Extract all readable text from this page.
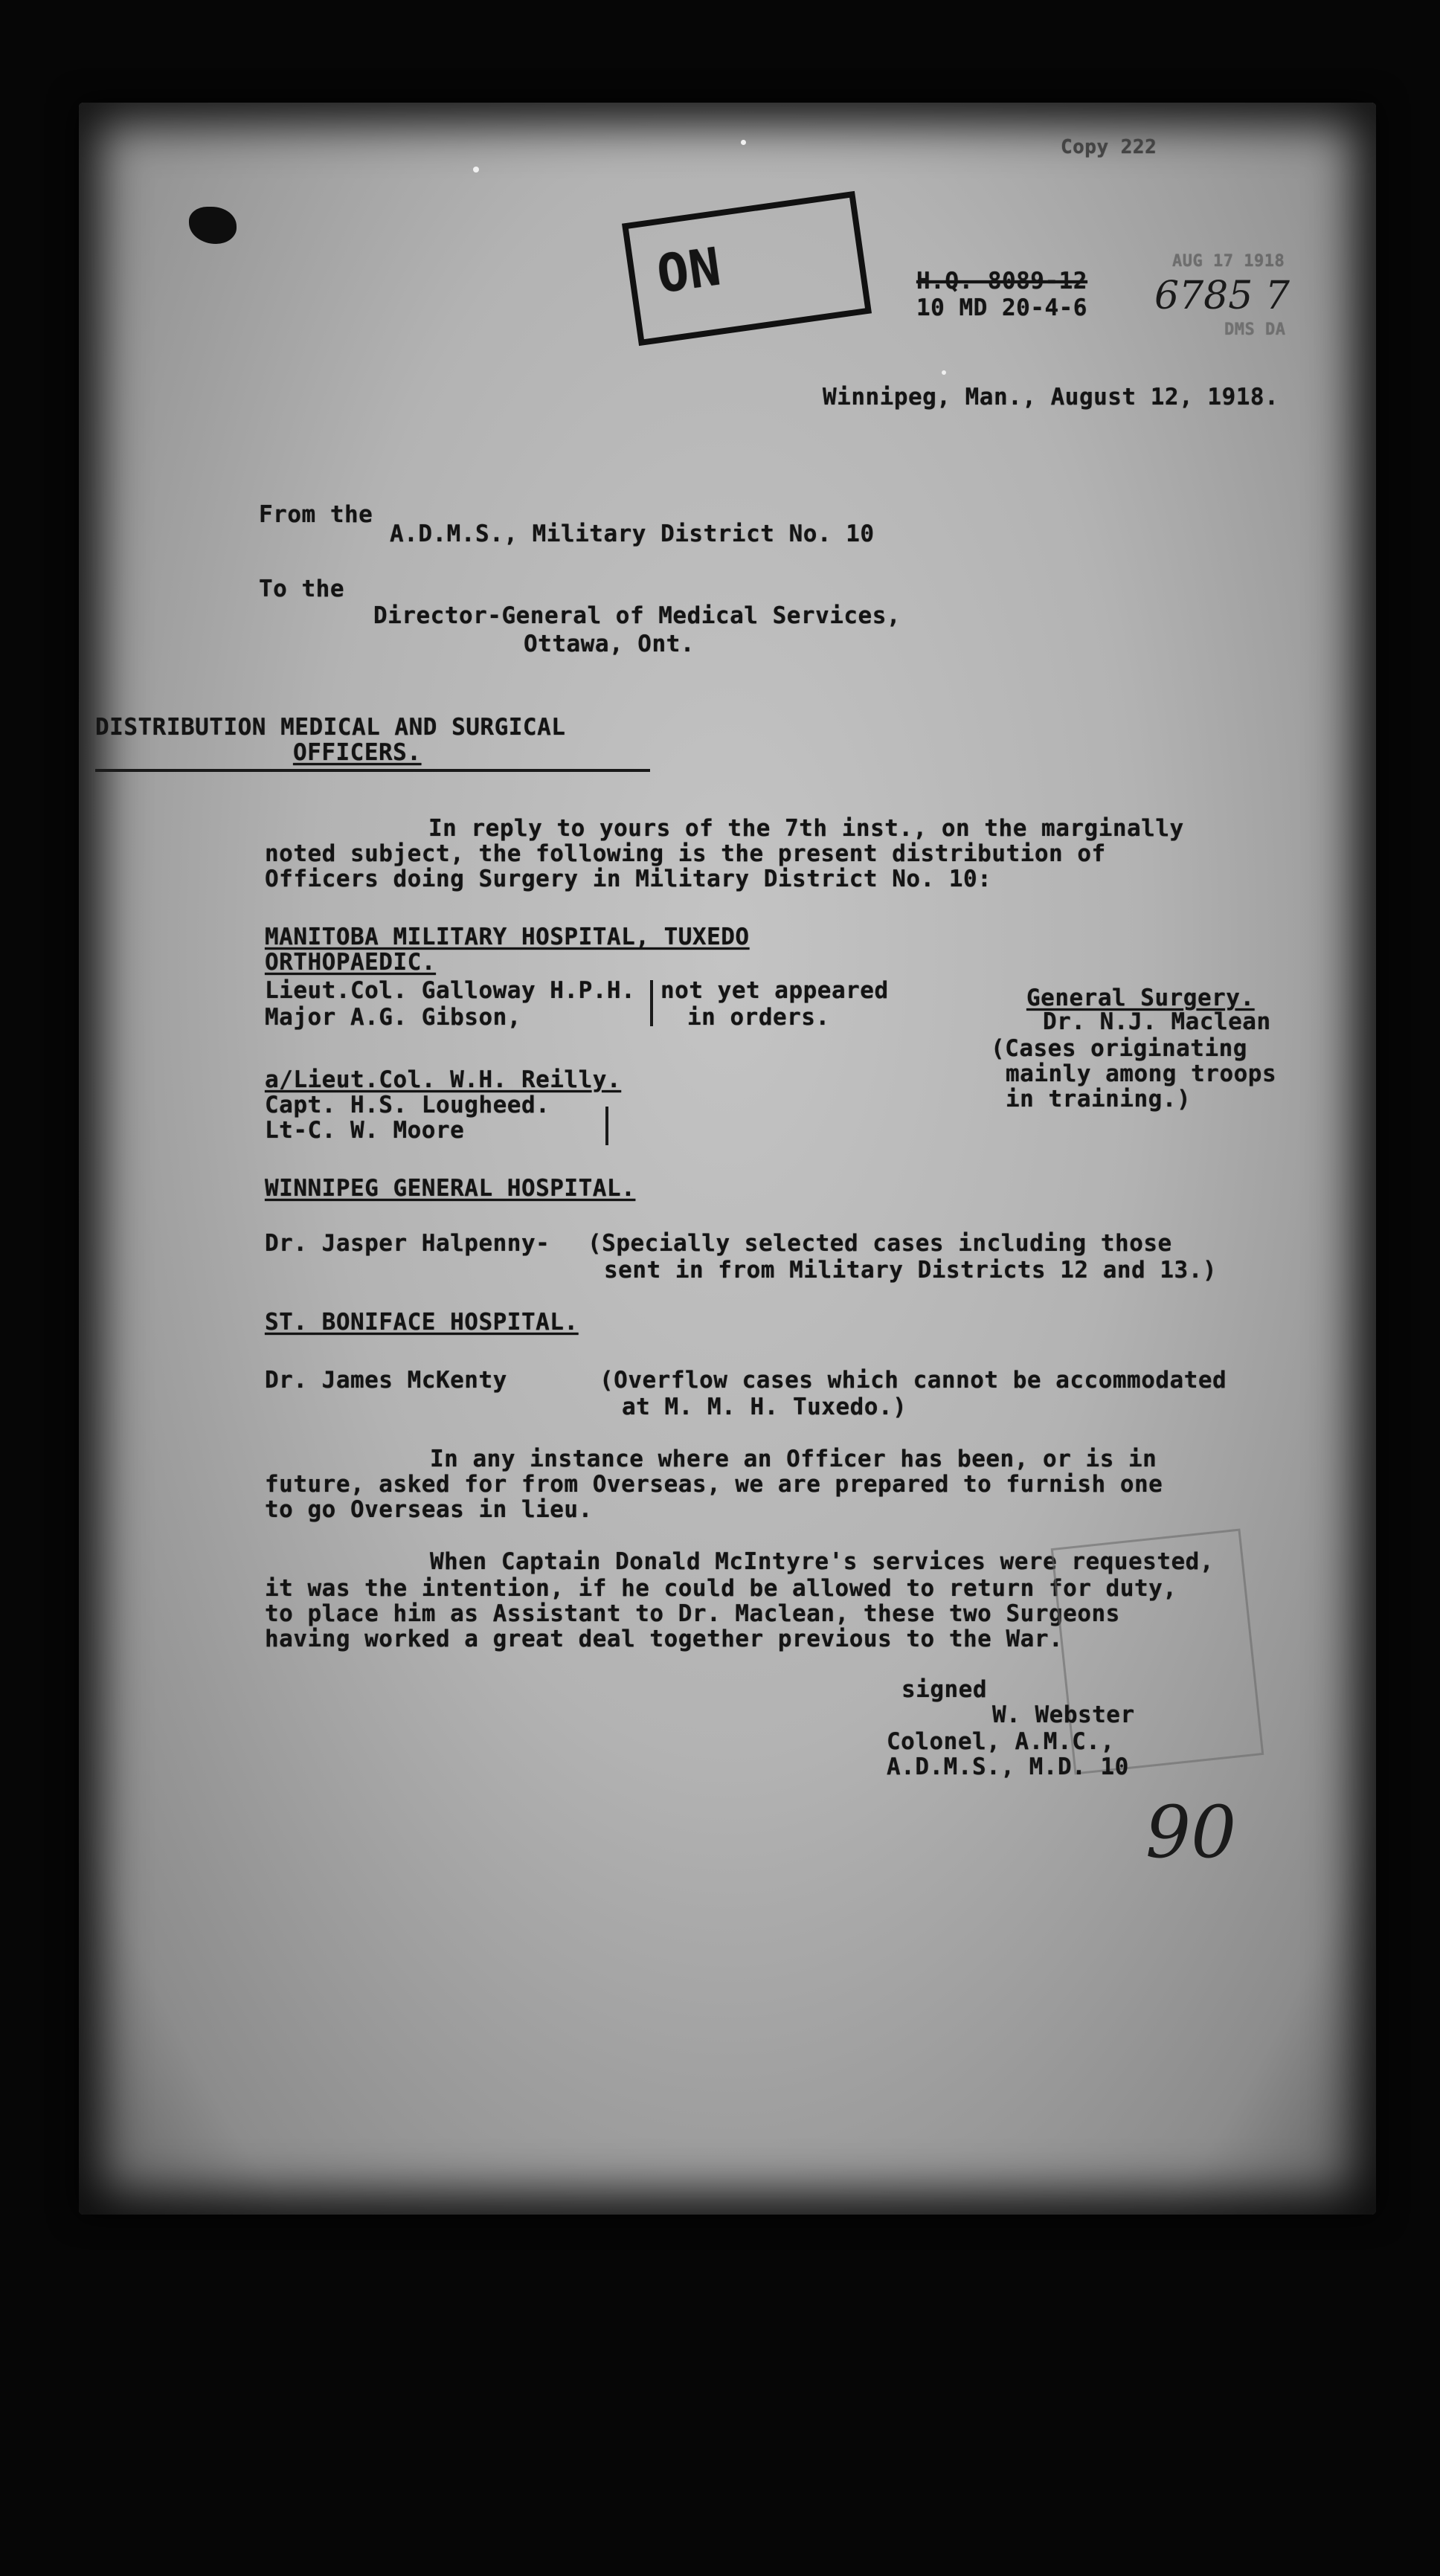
Copy 222
ON	AUG 17 1918
DMS DA
H.Q. 8089-12
10 MD 20-4-6 6785 7
Winnipeg, Man., August 12, 1918.
From the
A.D.M.S., Military District No. 10
To the
Director-General of Medical Services,
Ottawa, Ont.
DISTRIBUTION MEDICAL AND SURGICAL
OFFICERS.
In reply to yours of the 7th inst., on the marginally
noted subject, the following is the present distribution of
Officers doing Surgery in Military District No. 10:
MANITOBA MILITARY HOSPITAL, TUXEDO
ORTHOPAEDIC.
Lieut.Col. Galloway H.P.H.
Major A.G. Gibson,
not yet appeared
in orders.
a/Lieut.Col. W.H. Reilly.
Capt. H.S. Lougheed.
Lt-C. W. Moore
General Surgery.
Dr. N.J. Maclean
(Cases originating
mainly among troops
in training.)
WINNIPEG GENERAL HOSPITAL.
Dr. Jasper Halpenny- (Specially selected cases including those
sent in from Military Districts 12 and 13.)
ST. BONIFACE HOSPITAL.
Dr. James McKenty	(Overflow cases which cannot be accommodated
at M. M. H. Tuxedo.)
In any instance where an Officer has been, or is in
future, asked for from Overseas, we are prepared to furnish one
to go Overseas in lieu.
When Captain Donald McIntyre's services were requested,
it was the intention, if he could be allowed to return for duty,
to place him as Assistant to Dr. Maclean, these two Surgeons
having worked a great deal together previous to the War.
signed
W. Webster
Colonel, A.M.C.,
A.D.M.S., M.D. 10
90
